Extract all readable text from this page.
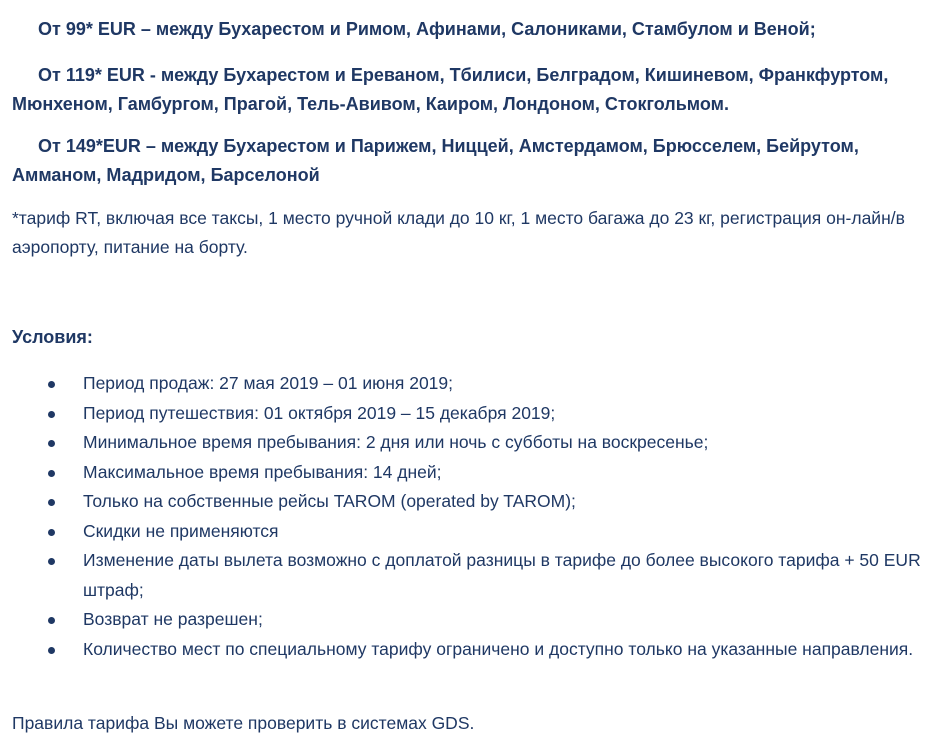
От 99* EUR – между Бухарестом и Римом, Афинами, Салониками, Стамбулом и Веной;

От 119* EUR - между Бухарестом и Ереваном, Тбилиси, Белградом, Кишиневом, Франкфуртом, Мюнхеном, Гамбургом, Прагой, Тель-Авивом, Каиром, Лондоном, Стокгольмом.

От 149*EUR – между Бухарестом и Парижем, Ниццей, Амстердамом, Брюсселем, Бейрутом, Амманом, Мадридом, Барселоной

*тариф RT, включая все таксы, 1 место ручной клади до 10 кг, 1 место багажа до 23 кг, регистрация он-лайн/в аэропорту, питание на борту.

Условия:

Период продаж: 27 мая 2019 – 01 июня 2019;
Период путешествия: 01 октября 2019 – 15 декабря 2019;
Минимальное время пребывания: 2 дня или ночь с субботы на воскресенье;
Максимальное время пребывания: 14 дней;
Только на собственные рейсы TAROM (operated by TAROM);
Скидки не применяются
Изменение даты вылета возможно с доплатой разницы в тарифе до более высокого тарифа + 50 EUR штраф;
Возврат не разрешен;
Количество мест по специальному тарифу ограничено и доступно только на указанные направления.

Правила тарифа Вы можете проверить в системах GDS.
